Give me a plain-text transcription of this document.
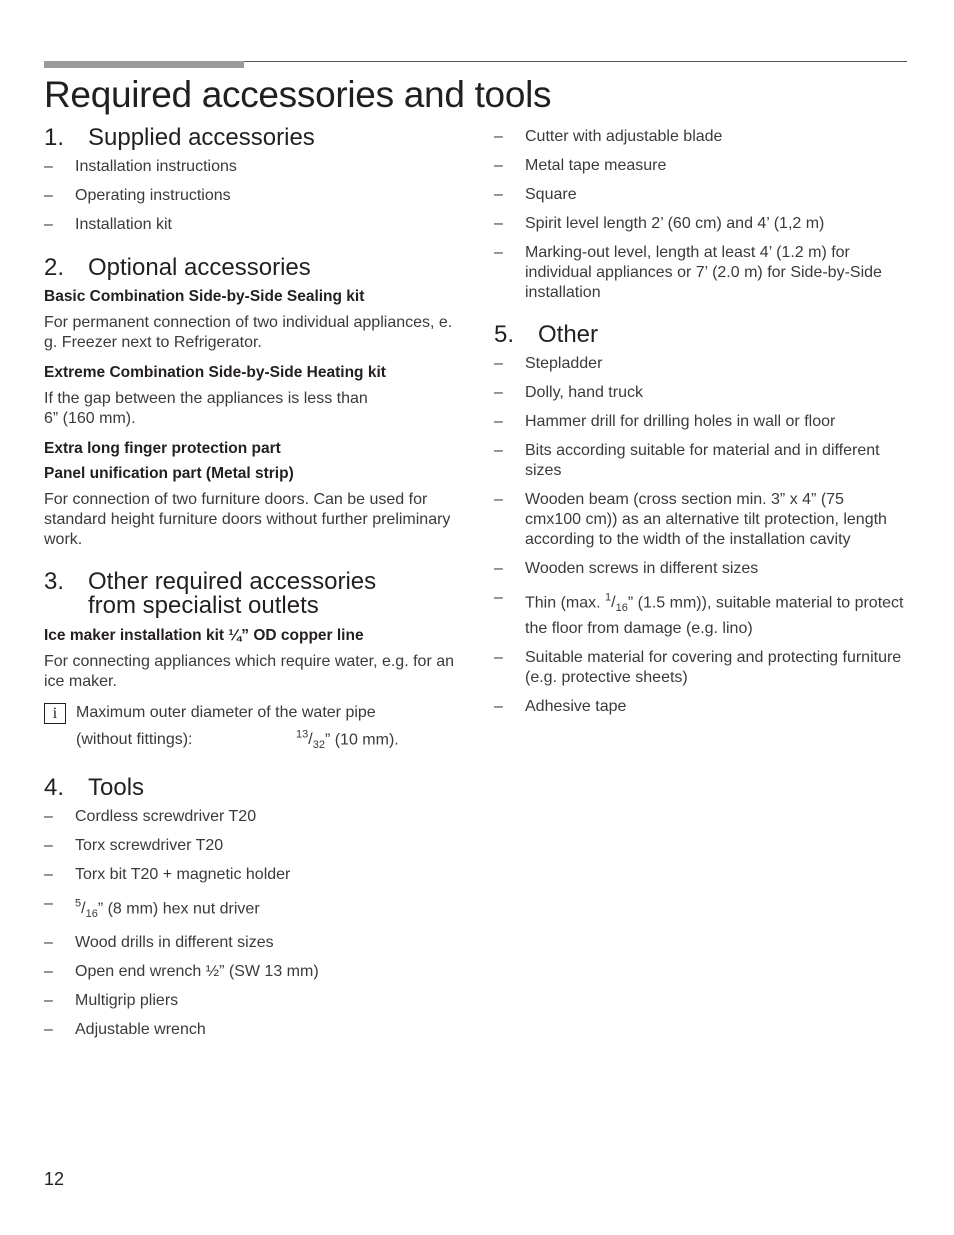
Required accessories and tools
1. Supplied accessories
–	Installation instructions
–	Operating instructions
–	Installation kit
2. Optional accessories
Basic Combination Side-by-Side Sealing kit

For permanent connection of two individual appliances, e. g. Freezer next to Refrigerator.

Extreme Combination Side-by-Side Heating kit

If the gap between the appliances is less than
6” (160 mm).

Extra long finger protection part
Panel unification part (Metal strip)

For connection of two furniture doors. Can be used for standard height furniture doors without further preliminary work.

3. Other required accessories
from specialist outlets
Ice maker installation kit ¼” OD copper line

For connecting appliances which require water, e.g. for an ice maker.

i	Maximum outer diameter of the water pipe
(without fittings):	$^{13}/_{32}$” (10 mm).
4. Tools
–	Cordless screwdriver T20
–	Torx screwdriver T20
–	Torx bit T20 + magnetic holder
–	$^5/_{16}$” (8 mm) hex nut driver
–	Wood drills in different sizes
–	Open end wrench ½” (SW 13 mm)
–	Multigrip pliers
–	Adjustable wrench
–	Cutter with adjustable blade
–	Metal tape measure
–	Square
–	Spirit level length 2’ (60 cm) and 4’ (1,2 m)
–	Marking-out level, length at least 4’ (1.2 m) for individual appliances or 7’ (2.0 m) for Side-by-Side installation
5. Other
–	Stepladder
–	Dolly, hand truck
–	Hammer drill for drilling holes in wall or floor
–	Bits according suitable for material and in different sizes
–	Wooden beam (cross section min. 3” x 4” (75 cmx100 cm)) as an alternative tilt protection, length according to the width of the installation cavity
–	Wooden screws in different sizes
–	Thin (max. $^1/_{16}$” (1.5 mm)), suitable material to protect the floor from damage (e.g. lino)
–	Suitable material for covering and protecting furniture (e.g. protective sheets)
–	Adhesive tape
12
